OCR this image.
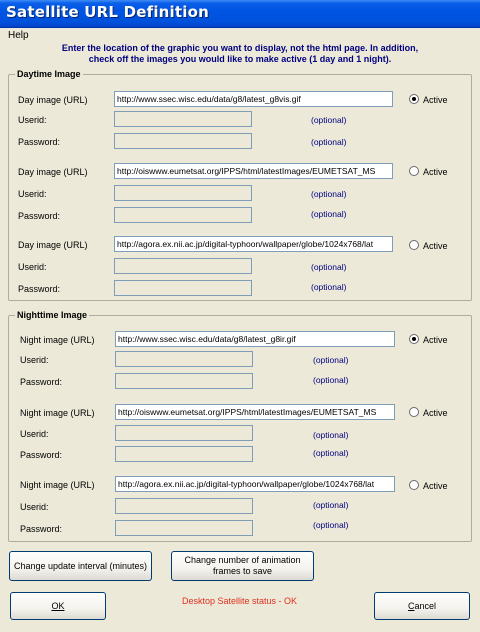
Satellite URL Definition
Help
Enter the location of the graphic you want to display, not the html page. In addition,
check off the images you would like to make active (1 day and 1 night).
Daytime Image
Day image (URL)	http://www.ssec.wisc.edu/data/g8/latest_g8vis.gif	Active
Userid:	(optional)
Password:	(optional)
Day image (URL)	http://oiswww.eumetsat.org/IPPS/html/latestImages/EUMETSAT_MS	Active
Userid:	(optional)
Password:	(optional)
Day image (URL)	http://agora.ex.nii.ac.jp/digital-typhoon/wallpaper/globe/1024x768/lat	Active
Userid:	(optional)
Password:	(optional)
Nighttime Image
Night image (URL)	http://www.ssec.wisc.edu/data/g8/latest_g8ir.gif	Active
Userid:	(optional)
Password:	(optional)
Night image (URL)	http://oiswww.eumetsat.org/IPPS/html/latestImages/EUMETSAT_MS	Active
Userid:	(optional)
Password:	(optional)
Night image (URL)	http://agora.ex.nii.ac.jp/digital-typhoon/wallpaper/globe/1024x768/lat	Active
Userid:	(optional)
Password:	(optional)
Change update interval (minutes)
Change number of animation
frames to save
OK	Desktop Satellite status - OK	Cancel
